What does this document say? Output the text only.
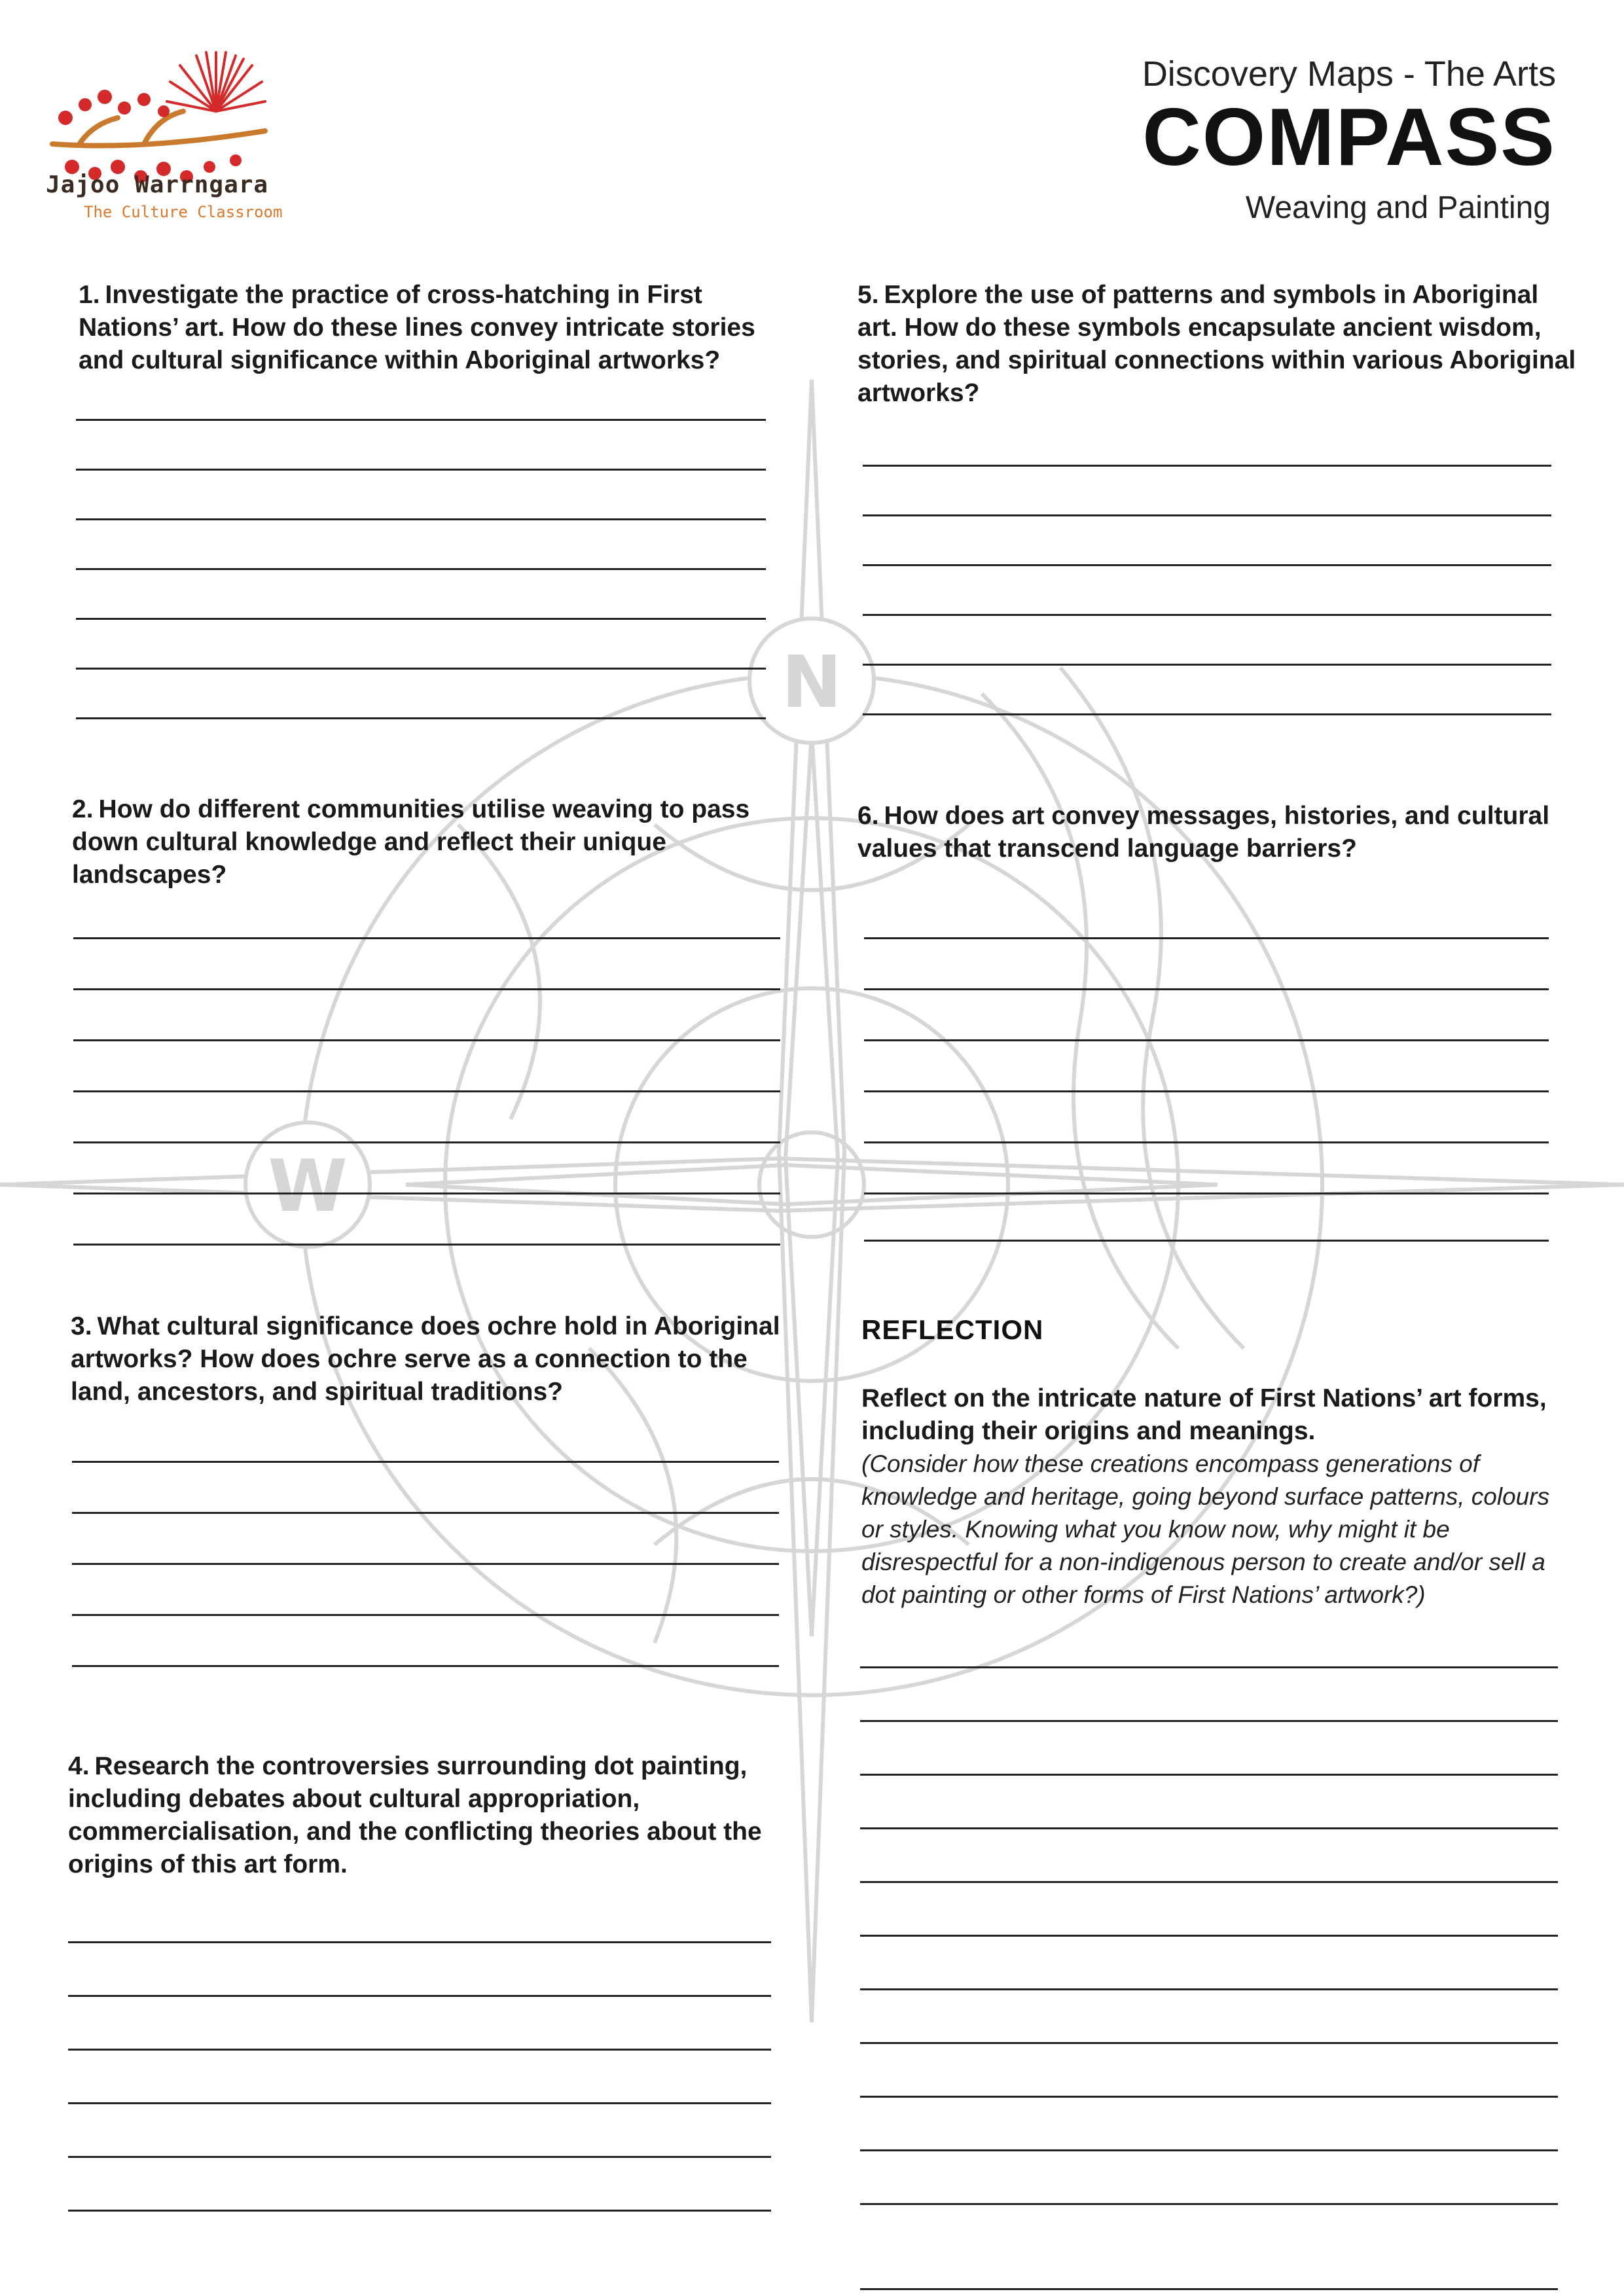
N
W
Jajoo Warrngara
The Culture Classroom
Discovery Maps - The Arts
COMPASS
Weaving and Painting
1. Investigate the practice of cross-hatching in First Nations’ art. How do these lines convey intricate stories and cultural significance within Aboriginal artworks?
2. How do different communities utilise weaving to pass down cultural knowledge and reflect their unique landscapes?
3. What cultural significance does ochre hold in Aboriginal artworks? How does ochre serve as a connection to the land, ancestors, and spiritual traditions?
4. Research the controversies surrounding dot painting, including debates about cultural appropriation, commercialisation, and the conflicting theories about the origins of this art form.
5. Explore the use of patterns and symbols in Aboriginal art. How do these symbols encapsulate ancient wisdom, stories, and spiritual connections within various Aboriginal artworks?
6. How does art convey messages, histories, and cultural values that transcend language barriers?
REFLECTION
Reflect on the intricate nature of First Nations’ art forms, including their origins and meanings.
(Consider how these creations encompass generations of knowledge and heritage, going beyond surface patterns, colours or styles. Knowing what you know now, why might it be disrespectful for a non-indigenous person to create and/or sell a dot painting or other forms of First Nations’ artwork?)
